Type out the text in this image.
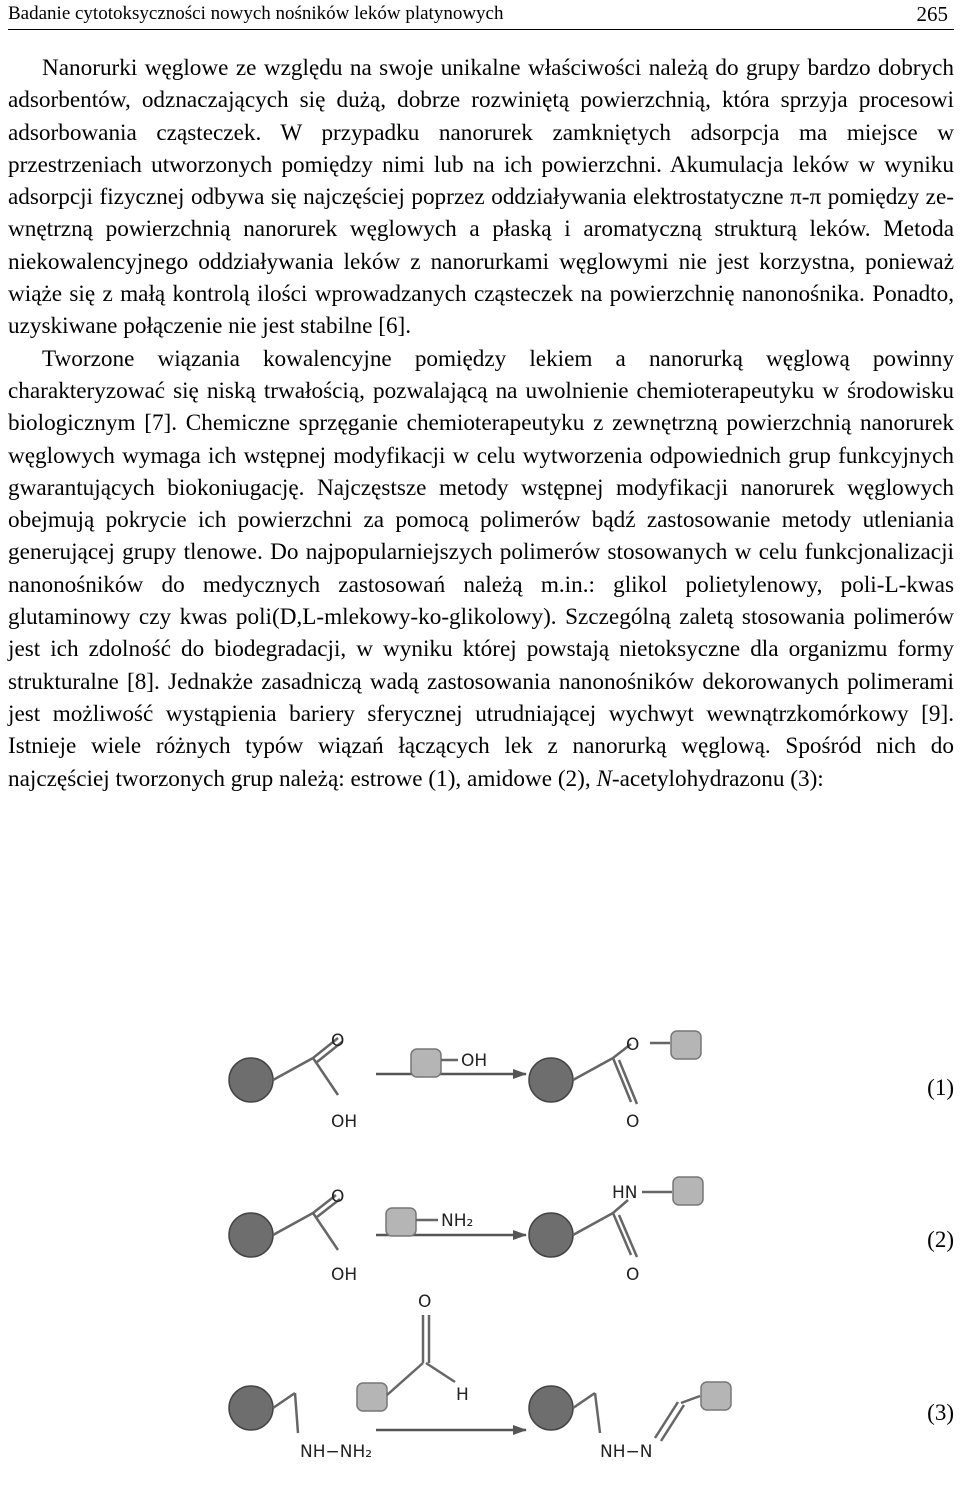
Badanie cytotoksyczności nowych nośników leków platynowych	265

Nanorurki węglowe ze względu na swoje unikalne właściwości należą do grupy bardzo dobrych adsorbentów, odznaczających się dużą, dobrze rozwiniętą powierzchnią, która sprzyja procesowi adsorbowania cząsteczek. W przypadku nanorurek zamkniętych adsorpcja ma miejsce w przestrzeniach utworzonych pomiędzy nimi lub na ich powierzchni. Akumulacja leków w wyniku adsorpcji fizycznej odbywa się najczęściej poprzez oddziaływania elektrostatyczne π-π pomiędzy zewnętrzną powierzchnią nanorurek węglowych a płaską i aromatyczną strukturą leków. Metoda niekowalencyjnego oddziaływania leków z nanorurkami węglowymi nie jest korzystna, ponieważ wiąże się z małą kontrolą ilości wprowadzanych cząsteczek na powierzchnię nanonośnika. Ponadto, uzyskiwane połączenie nie jest stabilne [6].

Tworzone wiązania kowalencyjne pomiędzy lekiem a nanorurką węglową powinny charakteryzować się niską trwałością, pozwalającą na uwolnienie chemioterapeutyku w środowisku biologicznym [7]. Chemiczne sprzęganie chemioterapeutyku z zewnętrzną powierzchnią nanorurek węglowych wymaga ich wstępnej modyfikacji w celu wytworzenia odpowiednich grup funkcyjnych gwarantujących biokoniugację. Najczęstsze metody wstępnej modyfikacji nanorurek węglowych obejmują pokrycie ich powierzchni za pomocą polimerów bądź zastosowanie metody utleniania generującej grupy tlenowe. Do najpopularniejszych polimerów stosowanych w celu funkcjonalizacji nanonośników do medycznych zastosowań należą m.in.: glikol polietylenowy, poli-L-kwas glutaminowy czy kwas poli(D,L-mlekowy-ko-glikolowy). Szczególną zaletą stosowania polimerów jest ich zdolność do biodegradacji, w wyniku której powstają nietoksyczne dla organizmu formy strukturalne [8]. Jednakże zasadniczą wadą zastosowania nanonośników dekorowanych polimerami jest możliwość wystąpienia bariery sferycznej utrudniającej wychwyt wewnątrzkomórkowy [9]. Istnieje wiele różnych typów wiązań łączących lek z nanorurką węglową. Spośród nich do najczęściej tworzonych grup należą: estrowe (1), amidowe (2), N-acetylohydrazonu (3):

O
OH
OH
O
O
O
OH
NH₂
HN
O
NH−NH₂
O
H
NH−N
(1)
(2)
(3)
